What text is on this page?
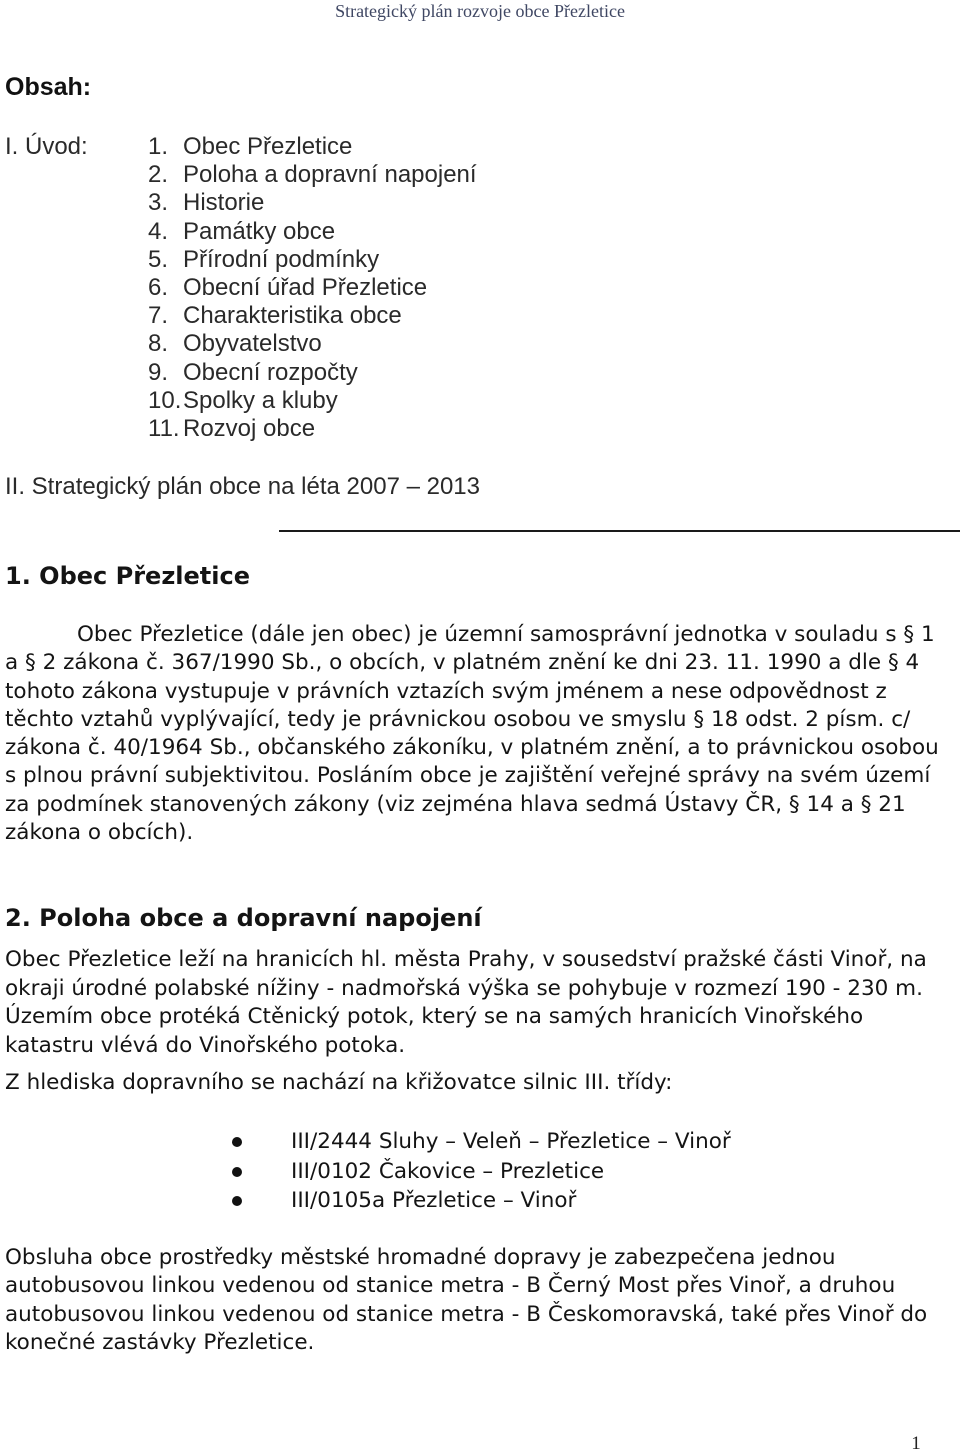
Strategický plán rozvoje obce Přezletice
Obsah:
I. Úvod:	1. Obec Přezletice
2. Poloha a dopravní napojení
3. Historie
4. Památky obce
5. Přírodní podmínky
6. Obecní úřad Přezletice
7. Charakteristika obce
8. Obyvatelstvo
9. Obecní rozpočty
10.Spolky a kluby
11. Rozvoj obce
II. Strategický plán obce na léta 2007 – 2013
1. Obec Přezletice
Obec Přezletice (dále jen obec) je územní samosprávní jednotka v souladu s § 1
a § 2 zákona č. 367/1990 Sb., o obcích, v platném znění ke dni 23. 11. 1990 a dle § 4
tohoto zákona vystupuje v právních vztazích svým jménem a nese odpovědnost z
těchto vztahů vyplývající, tedy je právnickou osobou ve smyslu § 18 odst. 2 písm. c/
zákona č. 40/1964 Sb., občanského zákoníku, v platném znění, a to právnickou osobou
s plnou právní subjektivitou. Posláním obce je zajištění veřejné správy na svém území
za podmínek stanovených zákony (viz zejména hlava sedmá Ústavy ČR, § 14 a § 21
zákona o obcích).
2. Poloha obce a dopravní napojení
Obec Přezletice leží na hranicích hl. města Prahy, v sousedství pražské části Vinoř, na
okraji úrodné polabské nížiny - nadmořská výška se pohybuje v rozmezí 190 - 230 m.
Územím obce protéká Ctěnický potok, který se na samých hranicích Vinořského
katastru vlévá do Vinořského potoka.
Z hlediska dopravního se nachází na křižovatce silnic III. třídy:
III/2444 Sluhy – Veleň – Přezletice – Vinoř
III/0102 Čakovice – Prezletice
III/0105a Přezletice – Vinoř
Obsluha obce prostředky městské hromadné dopravy je zabezpečena jednou
autobusovou linkou vedenou od stanice metra - B Černý Most přes Vinoř, a druhou
autobusovou linkou vedenou od stanice metra - B Českomoravská, také přes Vinoř do
konečné zastávky Přezletice.
1
